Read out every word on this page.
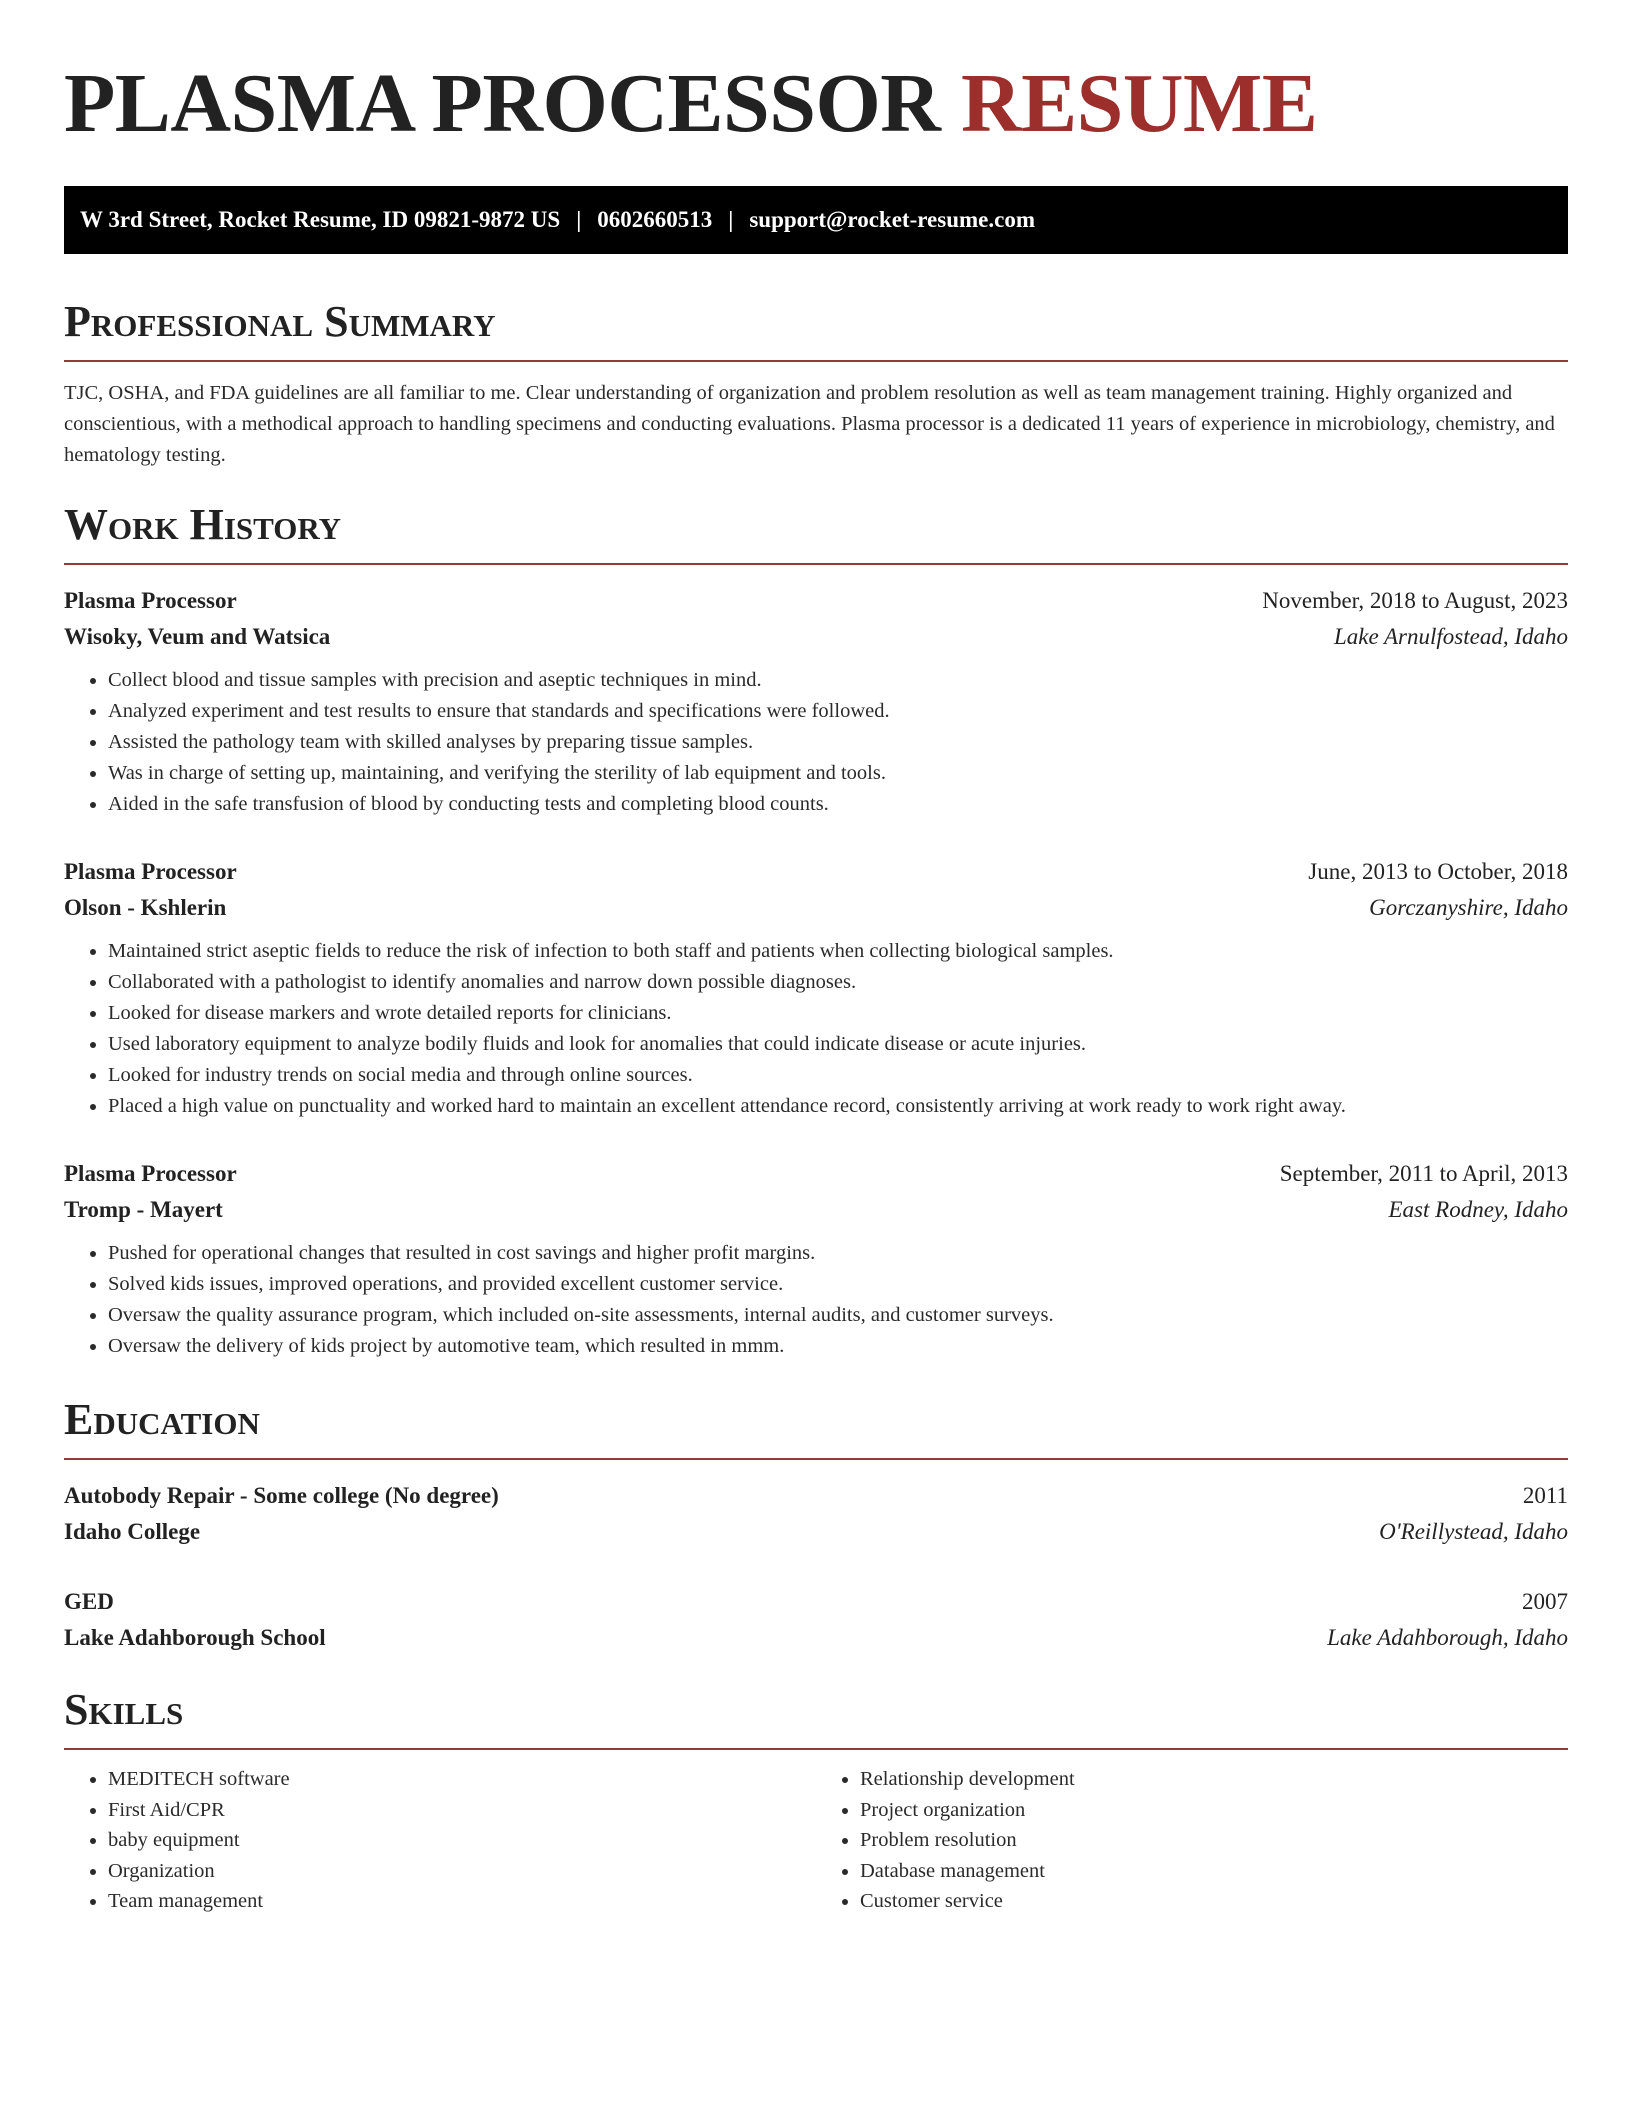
PLASMA PROCESSOR RESUME
W 3rd Street, Rocket Resume, ID 09821-9872 US | 0602660513 | support@rocket-resume.com
Professional Summary

TJC, OSHA, and FDA guidelines are all familiar to me. Clear understanding of organization and problem resolution as well as team management training. Highly organized and conscientious, with a methodical approach to handling specimens and conducting evaluations. Plasma processor is a dedicated 11 years of experience in microbiology, chemistry, and hematology testing.

Work History
Plasma Processor	November, 2018 to August, 2023
Wisoky, Veum and Watsica	Lake Arnulfostead, Idaho
• Collect blood and tissue samples with precision and aseptic techniques in mind.
• Analyzed experiment and test results to ensure that standards and specifications were followed.
• Assisted the pathology team with skilled analyses by preparing tissue samples.
• Was in charge of setting up, maintaining, and verifying the sterility of lab equipment and tools.
• Aided in the safe transfusion of blood by conducting tests and completing blood counts.
Plasma Processor	June, 2013 to October, 2018
Olson - Kshlerin	Gorczanyshire, Idaho
• Maintained strict aseptic fields to reduce the risk of infection to both staff and patients when collecting biological samples.
• Collaborated with a pathologist to identify anomalies and narrow down possible diagnoses.
• Looked for disease markers and wrote detailed reports for clinicians.
• Used laboratory equipment to analyze bodily fluids and look for anomalies that could indicate disease or acute injuries.
• Looked for industry trends on social media and through online sources.
• Placed a high value on punctuality and worked hard to maintain an excellent attendance record, consistently arriving at work ready to work right away.
Plasma Processor	September, 2011 to April, 2013
Tromp - Mayert	East Rodney, Idaho
• Pushed for operational changes that resulted in cost savings and higher profit margins.
• Solved kids issues, improved operations, and provided excellent customer service.
• Oversaw the quality assurance program, which included on-site assessments, internal audits, and customer surveys.
• Oversaw the delivery of kids project by automotive team, which resulted in mmm.
Education
Autobody Repair - Some college (No degree)	2011
Idaho College	O'Reillystead, Idaho
GED	2007
Lake Adahborough School	Lake Adahborough, Idaho
Skills
• MEDITECH software
• First Aid/CPR
• baby equipment
• Organization
• Team management
• Relationship development
• Project organization
• Problem resolution
• Database management
• Customer service
